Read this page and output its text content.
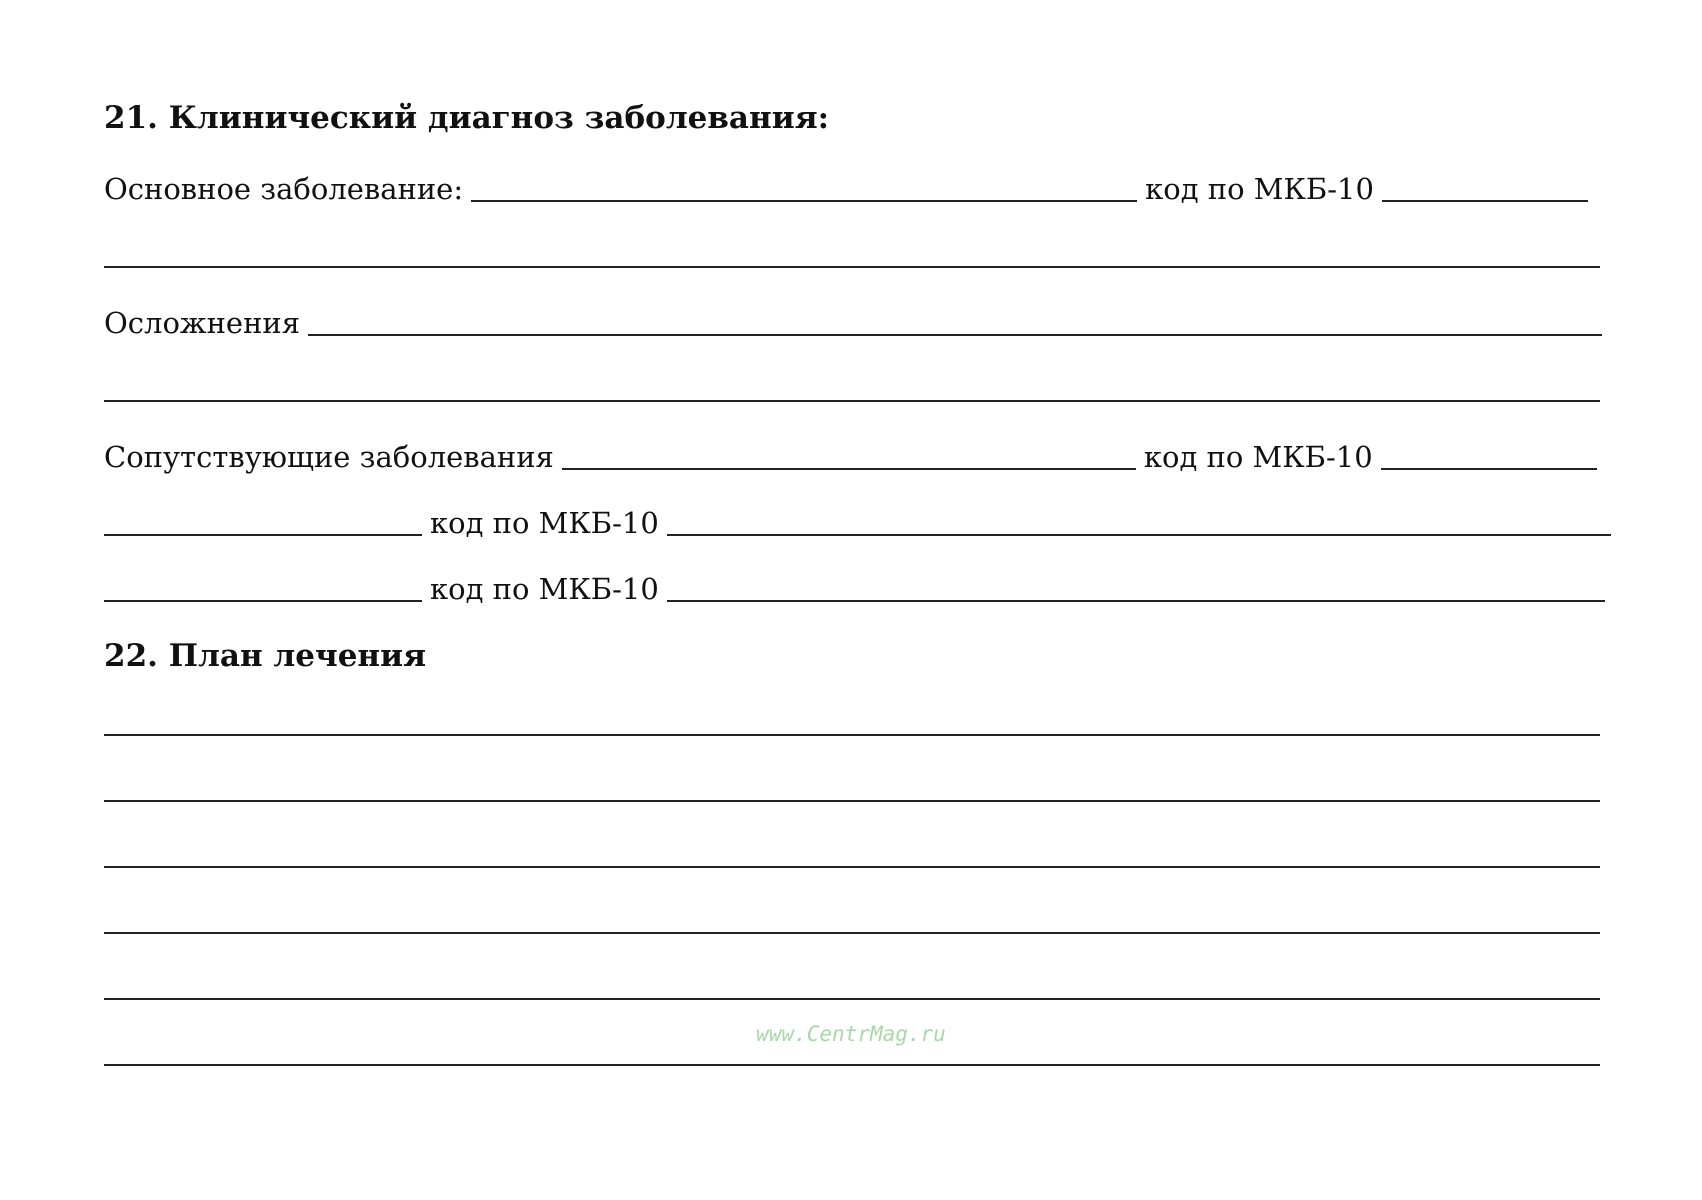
21. Клинический диагноз заболевания:
Основное заболевание:	код по МКБ-10
Осложнения
Сопутствующие заболевания	код по МКБ-10
код по МКБ-10
код по МКБ-10
22. План лечения
www.CentrMag.ru
